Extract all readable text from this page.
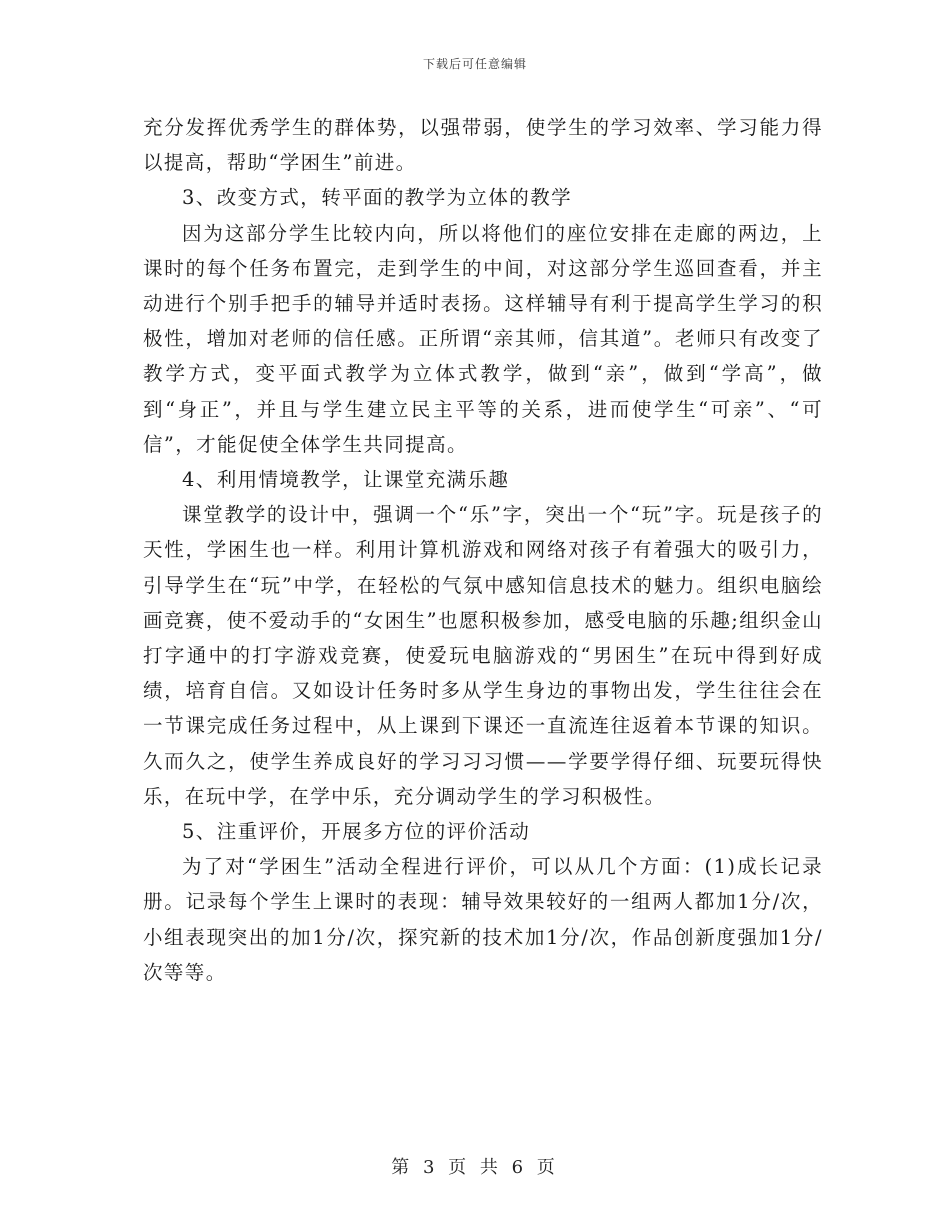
下载后可任意编辑

充分发挥优秀学生的群体势，以强带弱，使学生的学习效率、学习能力得以提高，帮助“学困生”前进。

3、改变方式，转平面的教学为立体的教学

因为这部分学生比较内向，所以将他们的座位安排在走廊的两边，上课时的每个任务布置完，走到学生的中间，对这部分学生巡回查看，并主动进行个别手把手的辅导并适时表扬。这样辅导有利于提高学生学习的积极性，增加对老师的信任感。正所谓“亲其师，信其道”。老师只有改变了教学方式，变平面式教学为立体式教学，做到“亲”，做到“学高”，做到“身正”，并且与学生建立民主平等的关系，进而使学生“可亲”、“可信”，才能促使全体学生共同提高。

4、利用情境教学，让课堂充满乐趣

课堂教学的设计中，强调一个“乐”字，突出一个“玩”字。玩是孩子的天性，学困生也一样。利用计算机游戏和网络对孩子有着强大的吸引力，引导学生在“玩”中学，在轻松的气氛中感知信息技术的魅力。组织电脑绘画竞赛，使不爱动手的“女困生”也愿积极参加，感受电脑的乐趣;组织金山打字通中的打字游戏竞赛，使爱玩电脑游戏的“男困生”在玩中得到好成绩，培育自信。又如设计任务时多从学生身边的事物出发，学生往往会在一节课完成任务过程中，从上课到下课还一直流连往返着本节课的知识。久而久之，使学生养成良好的学习习习惯——学要学得仔细、玩要玩得快乐，在玩中学，在学中乐，充分调动学生的学习积极性。

5、注重评价，开展多方位的评价活动

为了对“学困生”活动全程进行评价，可以从几个方面：(1)成长记录册。记录每个学生上课时的表现：辅导效果较好的一组两人都加1分/次，小组表现突出的加1分/次，探究新的技术加1分/次，作品创新度强加1分/次等等。

第 3 页 共 6 页
